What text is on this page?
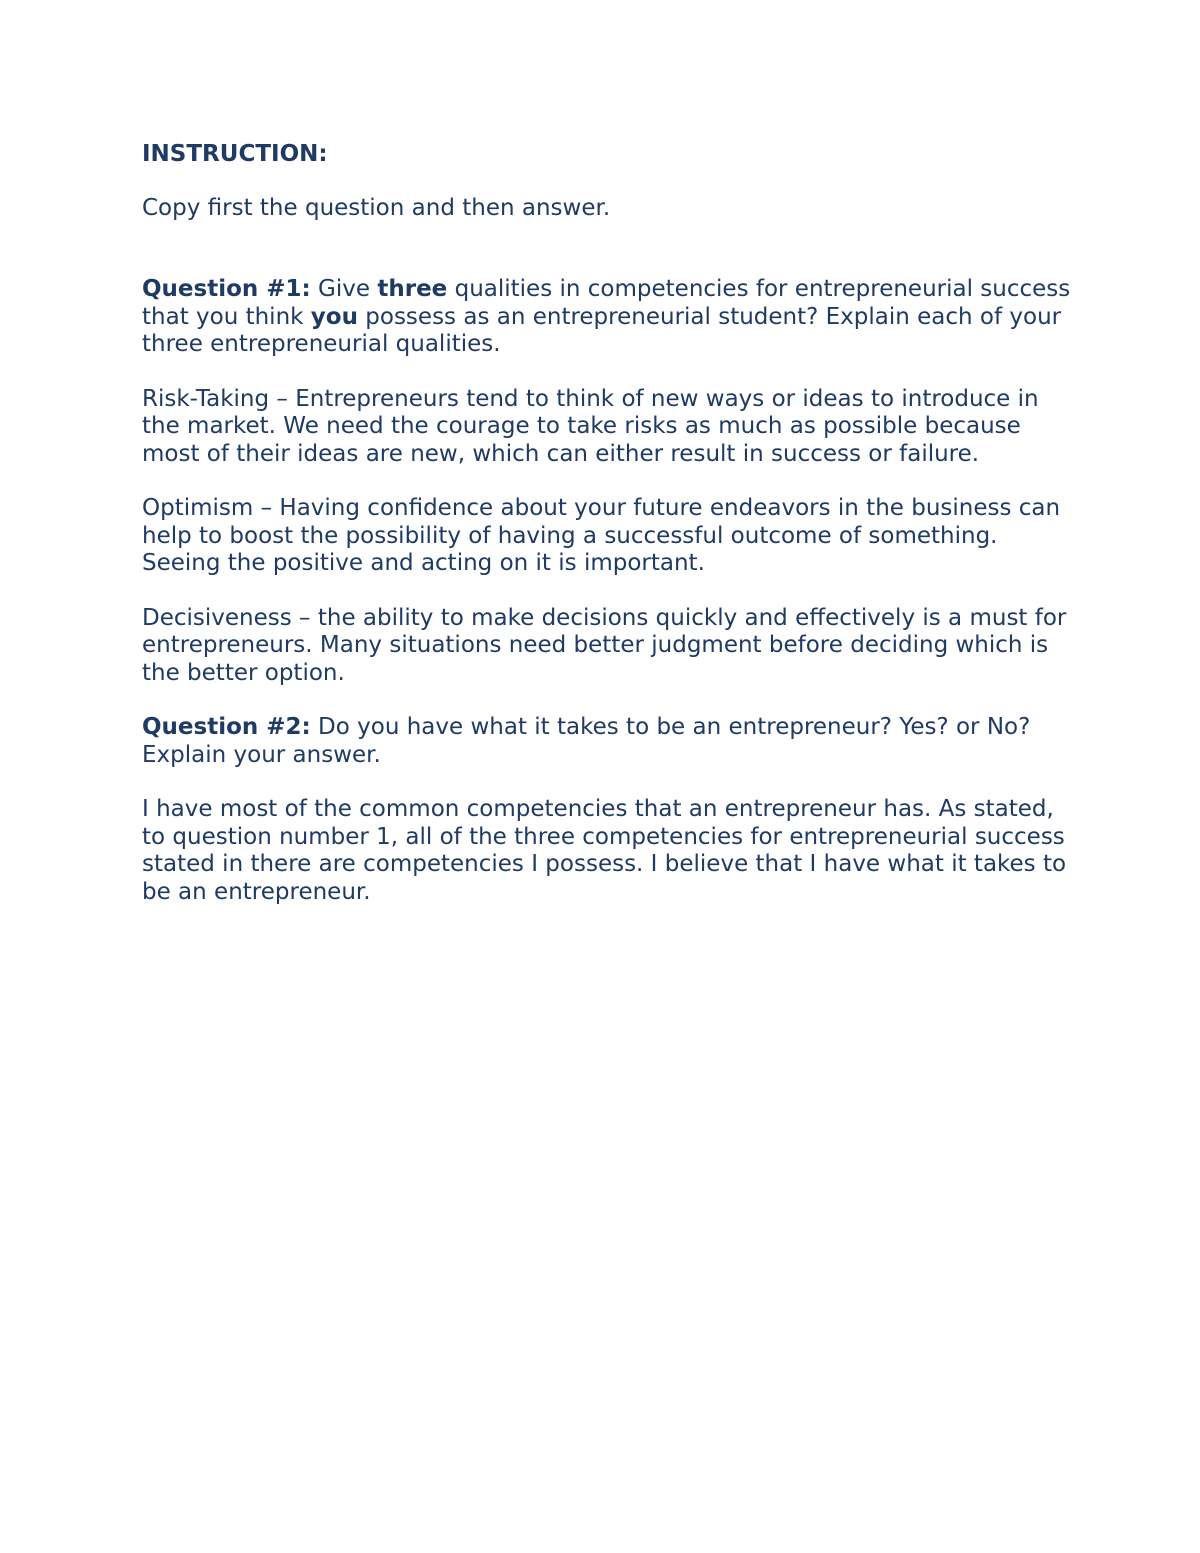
INSTRUCTION:

Copy first the question and then answer.

Question #1: Give three qualities in competencies for entrepreneurial success that you think you possess as an entrepreneurial student? Explain each of your three entrepreneurial qualities.

Risk-Taking – Entrepreneurs tend to think of new ways or ideas to introduce in the market. We need the courage to take risks as much as possible because most of their ideas are new, which can either result in success or failure.

Optimism – Having confidence about your future endeavors in the business can help to boost the possibility of having a successful outcome of something. Seeing the positive and acting on it is important.

Decisiveness – the ability to make decisions quickly and effectively is a must for entrepreneurs. Many situations need better judgment before deciding which is the better option.

Question #2: Do you have what it takes to be an entrepreneur? Yes? or No? Explain your answer.

I have most of the common competencies that an entrepreneur has. As stated, to question number 1, all of the three competencies for entrepreneurial success stated in there are competencies I possess. I believe that I have what it takes to be an entrepreneur.
